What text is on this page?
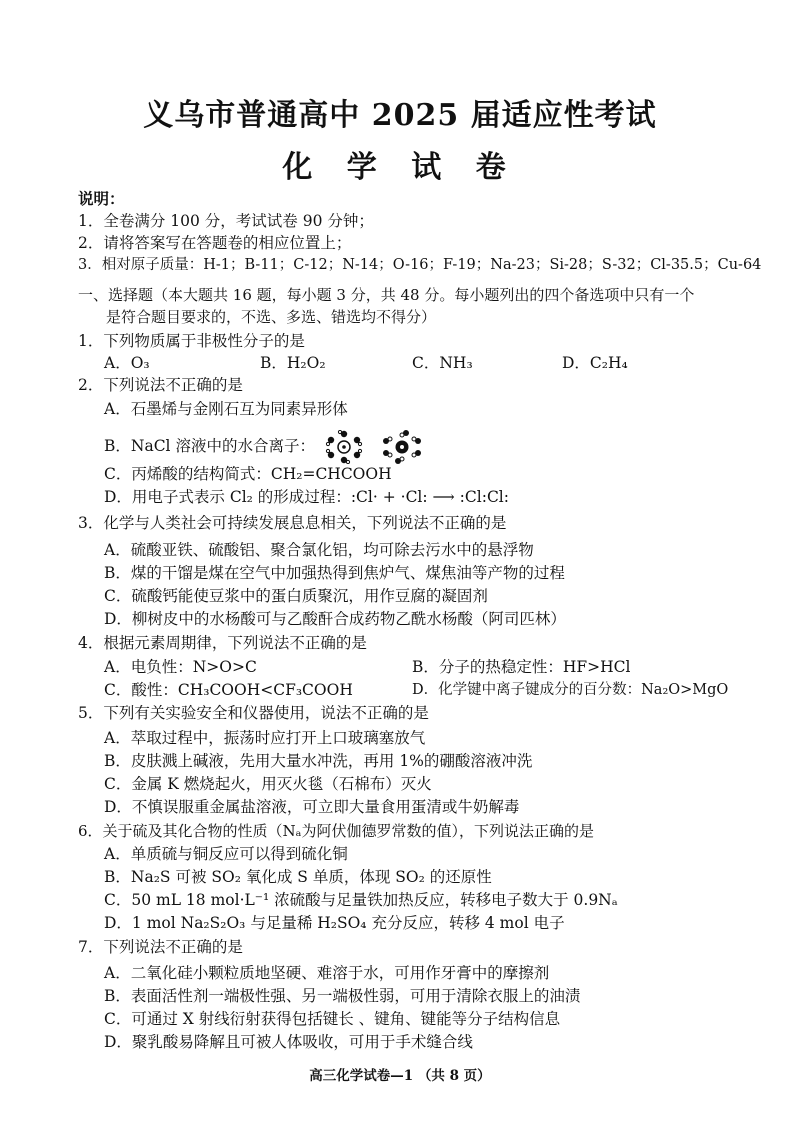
义乌市普通高中 2025 届适应性考试
化 学 试 卷
说明：
1．全卷满分 100 分，考试试卷 90 分钟；
2．请将答案写在答题卷的相应位置上；
3．相对原子质量：H-1；B-11；C-12；N-14；O-16；F-19；Na-23；Si-28；S-32；Cl-35.5；Cu-64
一、选择题（本大题共 16 题，每小题 3 分，共 48 分。每小题列出的四个备选项中只有一个
是符合题目要求的，不选、多选、错选均不得分）
1．下列物质属于非极性分子的是
A．O₃	B．H₂O₂	C．NH₃	D．C₂H₄
2．下列说法不正确的是
A．石墨烯与金刚石互为同素异形体
B．NaCl 溶液中的水合离子：
C．丙烯酸的结构简式：CH₂=CHCOOH
D．用电子式表示 Cl₂ 的形成过程：:Cl· + ·Cl: ⟶ :Cl:Cl:
3．化学与人类社会可持续发展息息相关，下列说法不正确的是
A．硫酸亚铁、硫酸铝、聚合氯化铝，均可除去污水中的悬浮物
B．煤的干馏是煤在空气中加强热得到焦炉气、煤焦油等产物的过程
C．硫酸钙能使豆浆中的蛋白质聚沉，用作豆腐的凝固剂
D．柳树皮中的水杨酸可与乙酸酐合成药物乙酰水杨酸（阿司匹林）
4．根据元素周期律，下列说法不正确的是
A．电负性：N>O>C	B．分子的热稳定性：HF>HCl
C．酸性：CH₃COOH<CF₃COOH	D．化学键中离子键成分的百分数：Na₂O>MgO
5．下列有关实验安全和仪器使用，说法不正确的是
A．萃取过程中，振荡时应打开上口玻璃塞放气
B．皮肤溅上碱液，先用大量水冲洗，再用 1%的硼酸溶液冲洗
C．金属 K 燃烧起火，用灭火毯（石棉布）灭火
D．不慎误服重金属盐溶液，可立即大量食用蛋清或牛奶解毒
6．关于硫及其化合物的性质（Nₐ为阿伏伽德罗常数的值），下列说法正确的是
A．单质硫与铜反应可以得到硫化铜
B．Na₂S 可被 SO₂ 氧化成 S 单质，体现 SO₂ 的还原性
C．50 mL 18 mol·L⁻¹ 浓硫酸与足量铁加热反应，转移电子数大于 0.9Nₐ
D．1 mol Na₂S₂O₃ 与足量稀 H₂SO₄ 充分反应，转移 4 mol 电子
7．下列说法不正确的是
A．二氧化硅小颗粒质地坚硬、难溶于水，可用作牙膏中的摩擦剂
B．表面活性剂一端极性强、另一端极性弱，可用于清除衣服上的油渍
C．可通过 X 射线衍射获得包括键长 、键角、键能等分子结构信息
D．聚乳酸易降解且可被人体吸收，可用于手术缝合线
高三化学试卷—1 （共 8 页）
